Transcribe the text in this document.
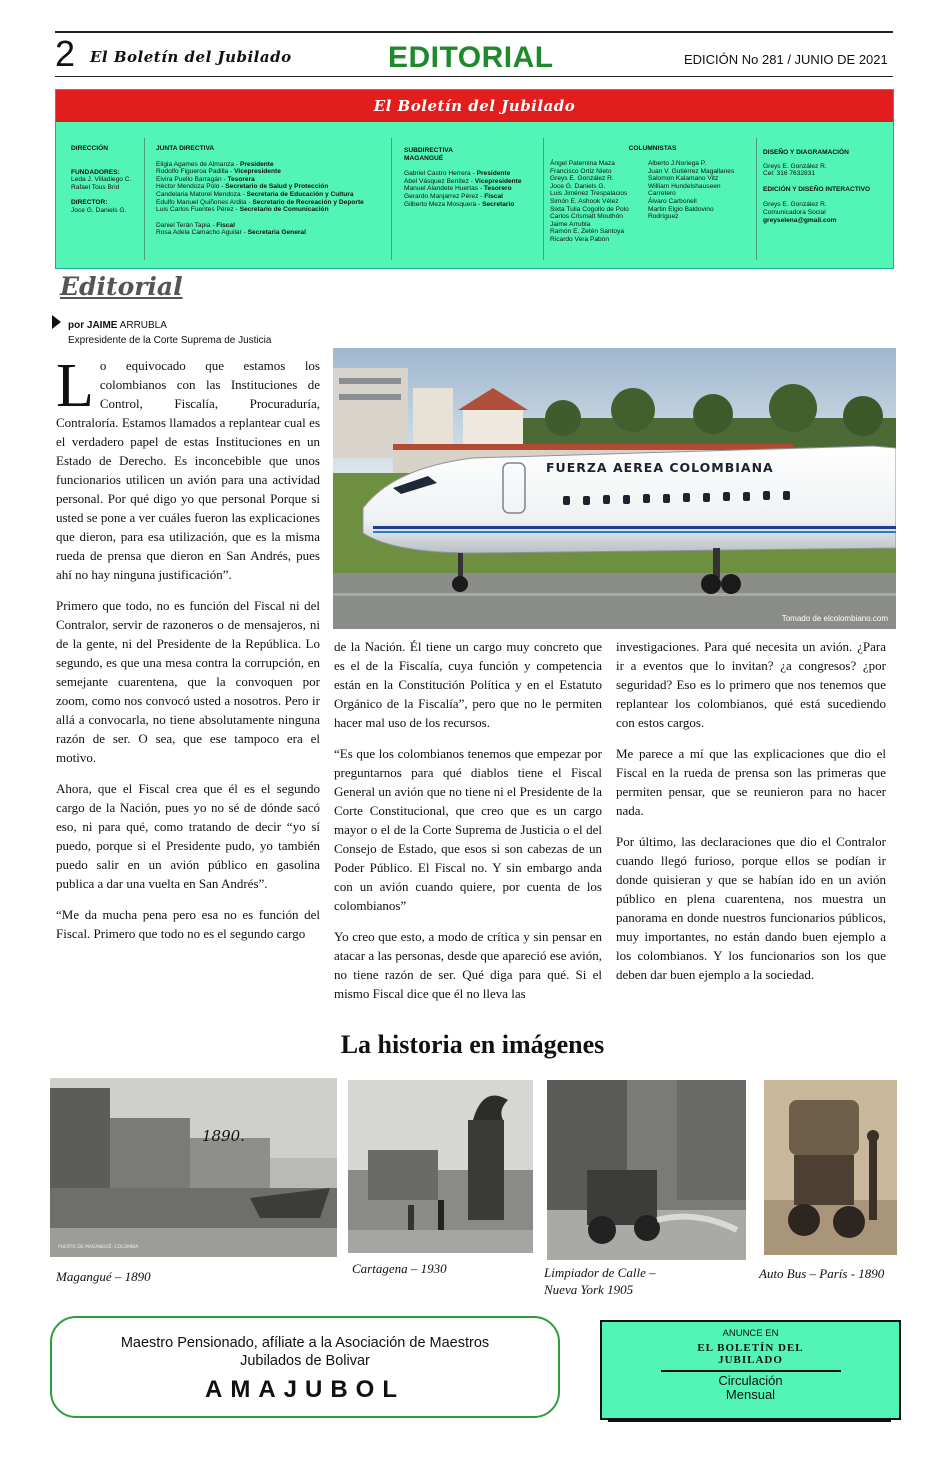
2 El Boletín del Jubilado	EDITORIAL	EDICIÓN No 281 / JUNIO DE 2021
El Boletín del Jubilado
DIRECCIÓN
FUNDADORES:
Leda J. Villadiego C.
Rafael Tous Brid
DIRECTOR:
Joce G. Daniels G.
JUNTA DIRECTIVA
Eligia Agames de Almanza - Presidente
Rodolfo Figueroa Padilla - Vicepresidente
Elvira Puello Barragán - Tesorera
Héctor Mendoza Polo - Secretario de Salud y Protección
Candelaria Matorel Mendoza - Secretaria de Educación y Cultura
Edulfo Manuel Quiñones Ardila - Secretario de Recreación y Deporte
Luis Carlos Fuentes Pérez - Secretario de Comunicación
Daniel Terán Tapia - Fiscal
Rosa Adela Camacho Aguilar - Secretaria General
SUBDIRECTIVA
MAGANGUÉ
Gabriel Castro Herrera - Presidente
Abel Vásquez Benítez - Vicepresidente
Manuel Alandete Huertas - Tesorero
Gerardo Manjarrez Pérez - Fiscal
Gilberto Meza Mosquera - Secretario
COLUMNISTAS
Ángel Paternina Maza
Francisco Ortiz Nieto
Greys E. González R.
Joce G. Daniels G.
Luis Jiménez Trespalacios
Simón E. Ashook Vélez
Sixta Tulia Cogollo de Polo
Carlos Crismatt Mouthón
Jaime Arrubla
Ramón E. Zetén Santoya
Ricardo Vera Pabón
Alberto J.Noriega P.
Juan V. Gutiérrez Magallanes
Salomon Kalamano Vitz
William Hundelshauseen
Carretero
Álvaro Carbonell
Martin Elgio Baldovino
Rodríguez
DISEÑO Y DIAGRAMACIÓN
Greys E. González R.
Cel: 316 7632831
EDICIÓN Y DISEÑO INTERACTIVO
Greys E. González R.
Comunicadora Social
greyselena@gmail.com
Editorial
por JAIME ARRUBLA
Expresidente de la Corte Suprema de Justicia

Lo equivocado que estamos los colombianos con las Instituciones de Control, Fiscalía, Procuraduría, Contraloría. Estamos llamados a replantear cual es el verdadero papel de estas Instituciones en un Estado de Derecho. Es inconcebible que unos funcionarios utilicen un avión para una actividad personal. Por qué digo yo que personal Porque si usted se pone a ver cuáles fueron las explicaciones que dieron, para esa utilización, que es la misma rueda de prensa que dieron en San Andrés, pues ahí no hay ninguna justificación”.

Primero que todo, no es función del Fiscal ni del Contralor, servir de razoneros o de mensajeros, ni de la gente, ni del Presidente de la República. Lo segundo, es que una mesa contra la corrupción, en semejante cuarentena, que la convoquen por zoom, como nos convocó usted a nosotros. Pero ir allá a convocarla, no tiene absolutamente ninguna razón de ser. O sea, que ese tampoco era el motivo.

Ahora, que el Fiscal crea que él es el segundo cargo de la Nación, pues yo no sé de dónde sacó eso, ni para qué, como tratando de decir “yo sí puedo, porque si el Presidente pudo, yo también puedo salir en un avión público en gasolina publica a dar una vuelta en San Andrés”.

“Me da mucha pena pero esa no es función del Fiscal. Primero que todo no es el segundo cargo

FUERZA AEREA COLOMBIANA
Tomado de elcolombiano.com

de la Nación. Él tiene un cargo muy concreto que es el de la Fiscalía, cuya función y competencia están en la Constitución Política y en el Estatuto Orgánico de la Fiscalía”, pero que no le permiten hacer mal uso de los recursos.

“Es que los colombianos tenemos que empezar por preguntarnos para qué diablos tiene el Fiscal General un avión que no tiene ni el Presidente de la Corte Constitucional, que creo que es un cargo mayor o el de la Corte Suprema de Justicia o el del Consejo de Estado, que esos si son cabezas de un Poder Público. El Fiscal no. Y sin embargo anda con un avión cuando quiere, por cuenta de los colombianos”

Yo creo que esto, a modo de crítica y sin pensar en atacar a las personas, desde que apareció ese avión, no tiene razón de ser. Qué diga para qué. Si el mismo Fiscal dice que él no lleva las

investigaciones. Para qué necesita un avión. ¿Para ir a eventos que lo invitan? ¿a congresos? ¿por seguridad? Eso es lo primero que nos tenemos que replantear los colombianos, qué está sucediendo con estos cargos.

Me parece a mí que las explicaciones que dio el Fiscal en la rueda de prensa son las primeras que permiten pensar, que se reunieron para no hacer nada.

Por último, las declaraciones que dio el Contralor cuando llegó furioso, porque ellos se podían ir donde quisieran y que se habían ido en un avión público en plena cuarentena, nos muestra un panorama en donde nuestros funcionarios públicos, muy importantes, no están dando buen ejemplo a los colombianos. Y los funcionarios son los que deben dar buen ejemplo a la sociedad.

La historia en imágenes
1890.
PUERTO DE MAGANGUÉ, COLOMBIA
Magangué – 1890
Cartagena – 1930	Limpiador de Calle –
Nueva York 1905
Auto Bus – París - 1890
Maestro Pensionado, afíliate a la Asociación de Maestros
Jubilados de Bolivar
AMAJUBOL
ANUNCE EN
EL BOLETÍN DEL
JUBILADO
Circulación
Mensual
